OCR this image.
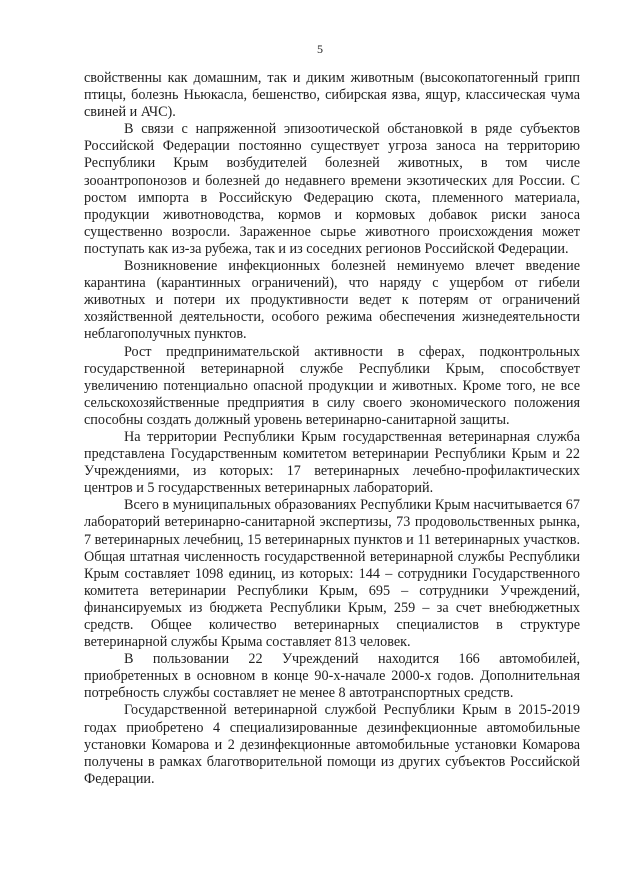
5

свойственны как домашним, так и диким животным (высокопатогенный грипп птицы, болезнь Ньюкасла, бешенство, сибирская язва, ящур, классическая чума свиней и АЧС).

В связи с напряженной эпизоотической обстановкой в ряде субъектов Российской Федерации постоянно существует угроза заноса на территорию Республики Крым возбудителей болезней животных, в том числе зооантропонозов и болезней до недавнего времени экзотических для России. С ростом импорта в Российскую Федерацию скота, племенного материала, продукции животноводства, кормов и кормовых добавок риски заноса существенно возросли. Зараженное сырье животного происхождения может поступать как из-за рубежа, так и из соседних регионов Российской Федерации.

Возникновение инфекционных болезней неминуемо влечет введение карантина (карантинных ограничений), что наряду с ущербом от гибели животных и потери их продуктивности ведет к потерям от ограничений хозяйственной деятельности, особого режима обеспечения жизнедеятельности неблагополучных пунктов.

Рост предпринимательской активности в сферах, подконтрольных государственной ветеринарной службе Республики Крым, способствует увеличению потенциально опасной продукции и животных. Кроме того, не все сельскохозяйственные предприятия в силу своего экономического положения способны создать должный уровень ветеринарно-санитарной защиты.

На территории Республики Крым государственная ветеринарная служба представлена Государственным комитетом ветеринарии Республики Крым и 22 Учреждениями, из которых: 17 ветеринарных лечебно-профилактических центров и 5 государственных ветеринарных лабораторий.

Всего в муниципальных образованиях Республики Крым насчитывается 67 лабораторий ветеринарно-санитарной экспертизы, 73 продовольственных рынка, 7 ветеринарных лечебниц, 15 ветеринарных пунктов и 11 ветеринарных участков. Общая штатная численность государственной ветеринарной службы Республики Крым составляет 1098 единиц, из которых: 144 – сотрудники Государственного комитета ветеринарии Республики Крым, 695 – сотрудники Учреждений, финансируемых из бюджета Республики Крым, 259 – за счет внебюджетных средств. Общее количество ветеринарных специалистов в структуре ветеринарной службы Крыма составляет 813 человек.

В пользовании 22 Учреждений находится 166 автомобилей, приобретенных в основном в конце 90-х-начале 2000-х годов. Дополнительная потребность службы составляет не менее 8 автотранспортных средств.

Государственной ветеринарной службой Республики Крым в 2015-2019 годах приобретено 4 специализированные дезинфекционные автомобильные установки Комарова и 2 дезинфекционные автомобильные установки Комарова получены в рамках благотворительной помощи из других субъектов Российской Федерации.
